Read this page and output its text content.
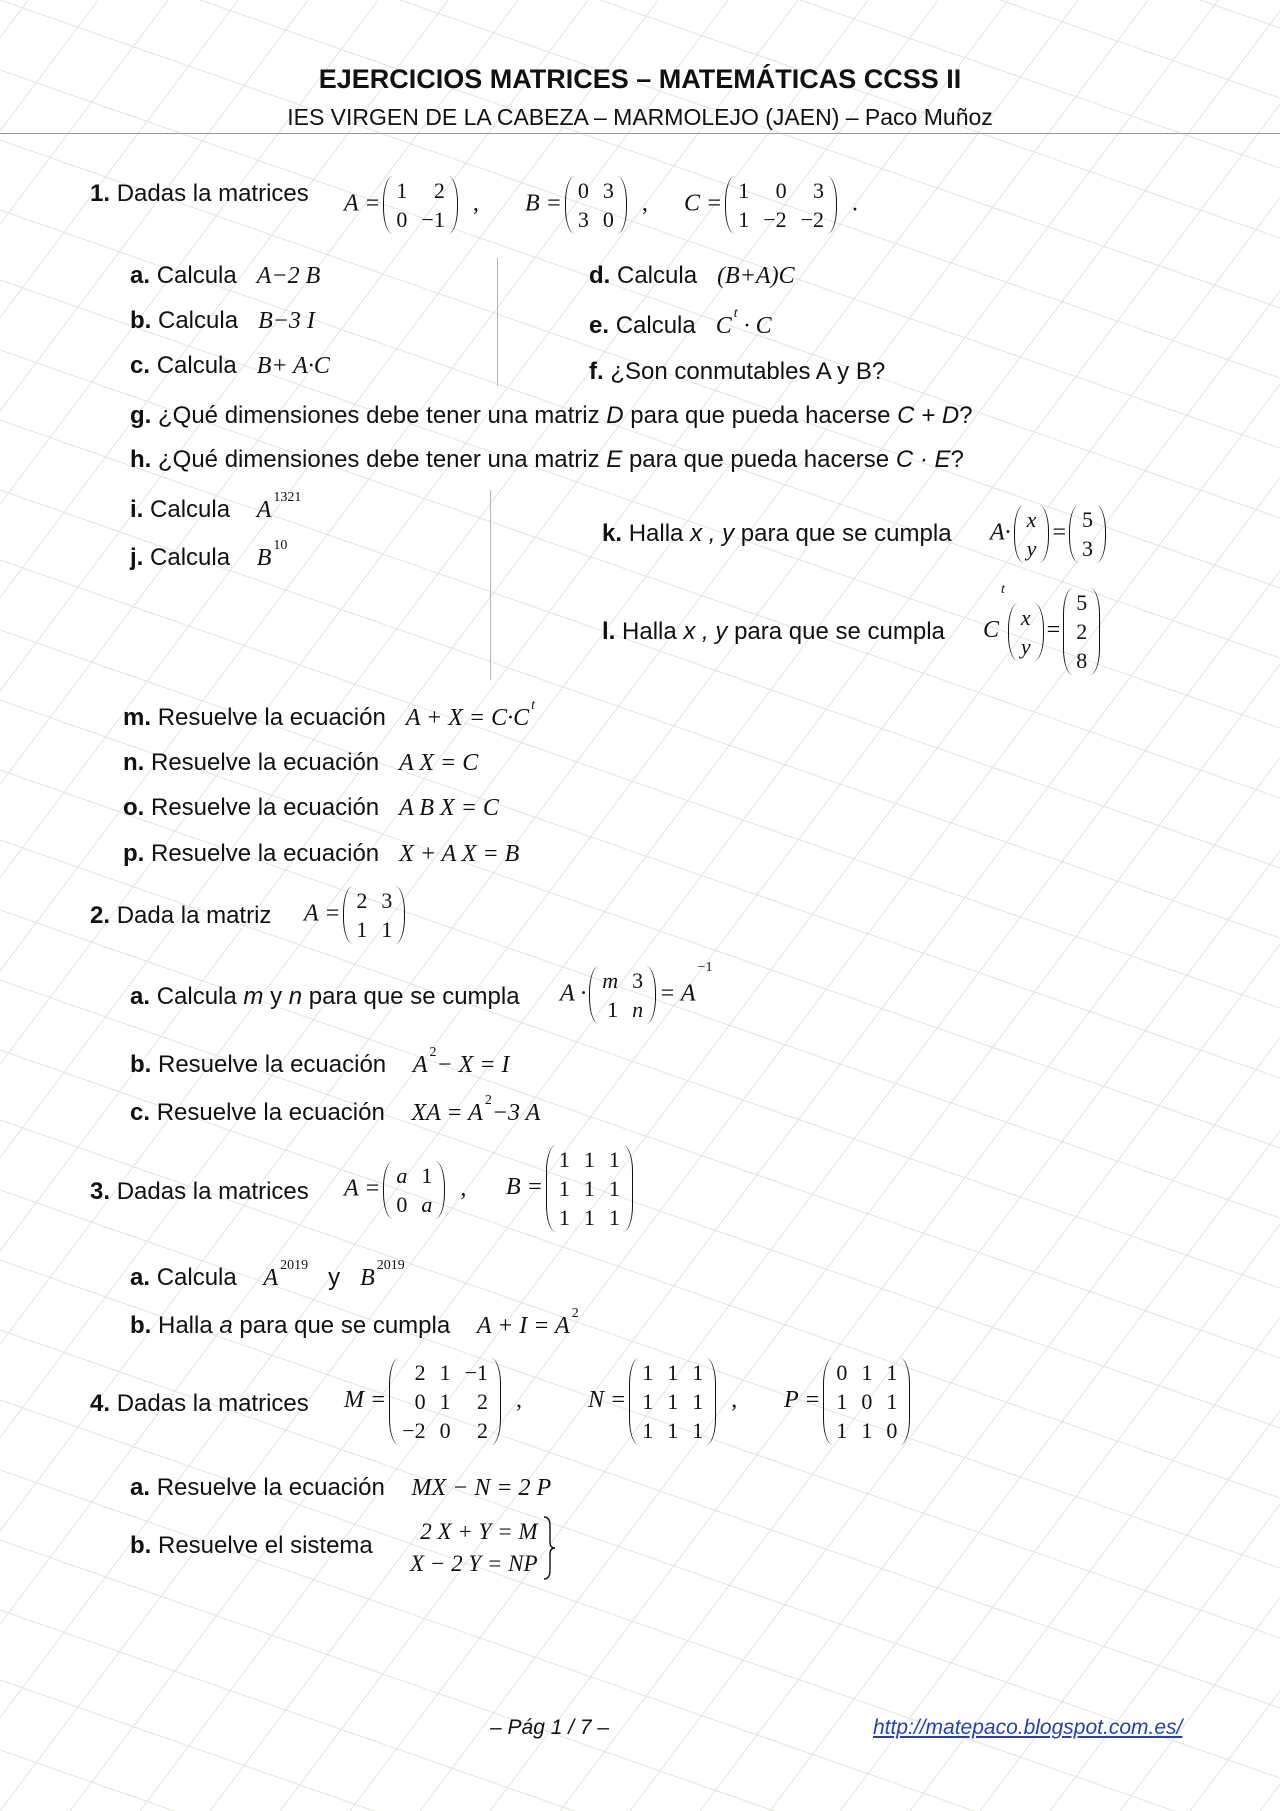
EJERCICIOS MATRICES – MATEMÁTICAS CCSS II
IES VIRGEN DE LA CABEZA – MARMOLEJO (JAEN) – Paco Muñoz
1. Dadas la matrices A =
1	2
0	−1
, B =
0	3
3	0
, C =
1	0	3
1	−2	−2
.
a. Calcula A−2 B
b. Calcula B−3 I
c. Calcula B+ A·C
d. Calcula (B+A)C
e. Calcula C $^t$ · C
f. ¿Son conmutables A y B?
g. ¿Qué dimensiones debe tener una matriz D para que pueda hacerse C + D?
h. ¿Qué dimensiones debe tener una matriz E para que pueda hacerse C · E?
i. Calcula A $^{1321}$
j. Calcula B $^{10}$	k. Halla x , y para que se cumpla A·
x
y
=
5
3
l. Halla x , y para que se cumpla $C^t$
x
y
=
5
2
8
m. Resuelve la ecuación A + X = C·C $^t$
n. Resuelve la ecuación A X = C
o. Resuelve la ecuación A B X = C
p. Resuelve la ecuación X + A X = B
2. Dada la matriz A =
2	3
1	1
a. Calcula m y n para que se cumpla A ·
m	3
1	n
= $A^{-1}$
b. Resuelve la ecuación A $^2$− X = I
c. Resuelve la ecuación XA = A $^2$−3 A
3. Dadas la matrices A =
a	1
0	a
, B =
1	1	1
1	1	1
1	1	1
a. Calcula A $^{2019}$ y B $^{2019}$
b. Halla a para que se cumpla A + I = A $^2$
4. Dadas la matrices M =
2	1	−1
0	1	2
−2	0	2
,	N =
1	1	1
1	1	1
1	1	1
, P =
0	1	1
1	0	1
1	1	0
a. Resuelve la ecuación MX − N = 2 P
b. Resuelve el sistema
2 X + Y = M
X − 2 Y = NP
– Pág 1 / 7 –	http://matepaco.blogspot.com.es/
